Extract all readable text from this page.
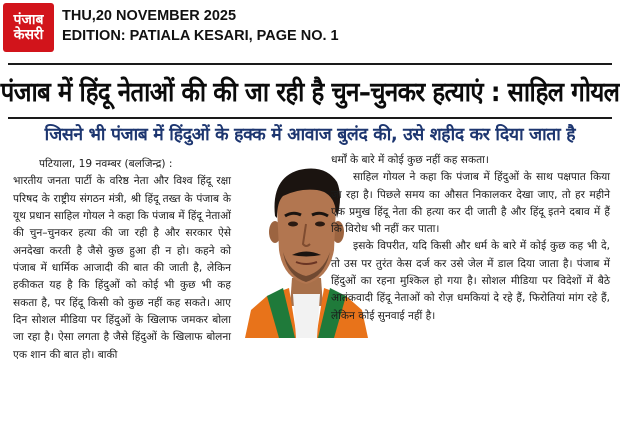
पंजाब
केसरी
THU,20 NOVEMBER 2025
EDITION: PATIALA KESARI, PAGE NO. 1
पंजाब में हिंदू नेताओं की की जा रही है चुन–चुनकर हत्याएं : साहिल गोयल
जिसने भी पंजाब में हिंदुओं के हक्क में आवाज बुलंद की, उसे शहीद कर दिया जाता है

पटियाला, 19 नवम्बर (बलजिन्द्र) :

भारतीय जनता पार्टी के वरिष्ठ नेता और विश्व हिंदू रक्षा परिषद के राष्ट्रीय संगठन मंत्री, श्री हिंदू तख्त के पंजाब के यूथ प्रधान साहिल गोयल ने कहा कि पंजाब में हिंदू नेताओं की चुन–चुनकर हत्या की जा रही है और सरकार ऐसे अनदेखा करती है जैसे कुछ हुआ ही न हो। कहने को पंजाब में धार्मिक आजादी की बात की जाती है, लेकिन हकीकत यह है कि हिंदुओं को कोई भी कुछ भी कह सकता है, पर हिंदू किसी को कुछ नहीं कह सकते। आए दिन सोशल मीडिया पर हिंदुओं के खिलाफ जमकर बोला जा रहा है। ऐसा लगता है जैसे हिंदुओं के खिलाफ बोलना एक शान की बात हो। बाकी

धर्मों के बारे में कोई कुछ नहीं कह सकता।

साहिल गोयल ने कहा कि पंजाब में हिंदुओं के साथ पक्षपात किया जा रहा है। पिछले समय का औसत निकालकर देखा जाए, तो हर महीने एक प्रमुख हिंदू नेता की हत्या कर दी जाती है और हिंदू इतने दबाव में हैं कि विरोध भी नहीं कर पाता।

इसके विपरीत, यदि किसी और धर्म के बारे में कोई कुछ कह भी दे, तो उस पर तुरंत केस दर्ज कर उसे जेल में डाल दिया जाता है। पंजाब में हिंदुओं का रहना मुश्किल हो गया है। सोशल मीडिया पर विदेशों में बैठे आतंकवादी हिंदू नेताओं को रोज़ धमकियां दे रहे हैं, फिरोतियां मांग रहे हैं, लेकिन कोई सुनवाई नहीं है।
